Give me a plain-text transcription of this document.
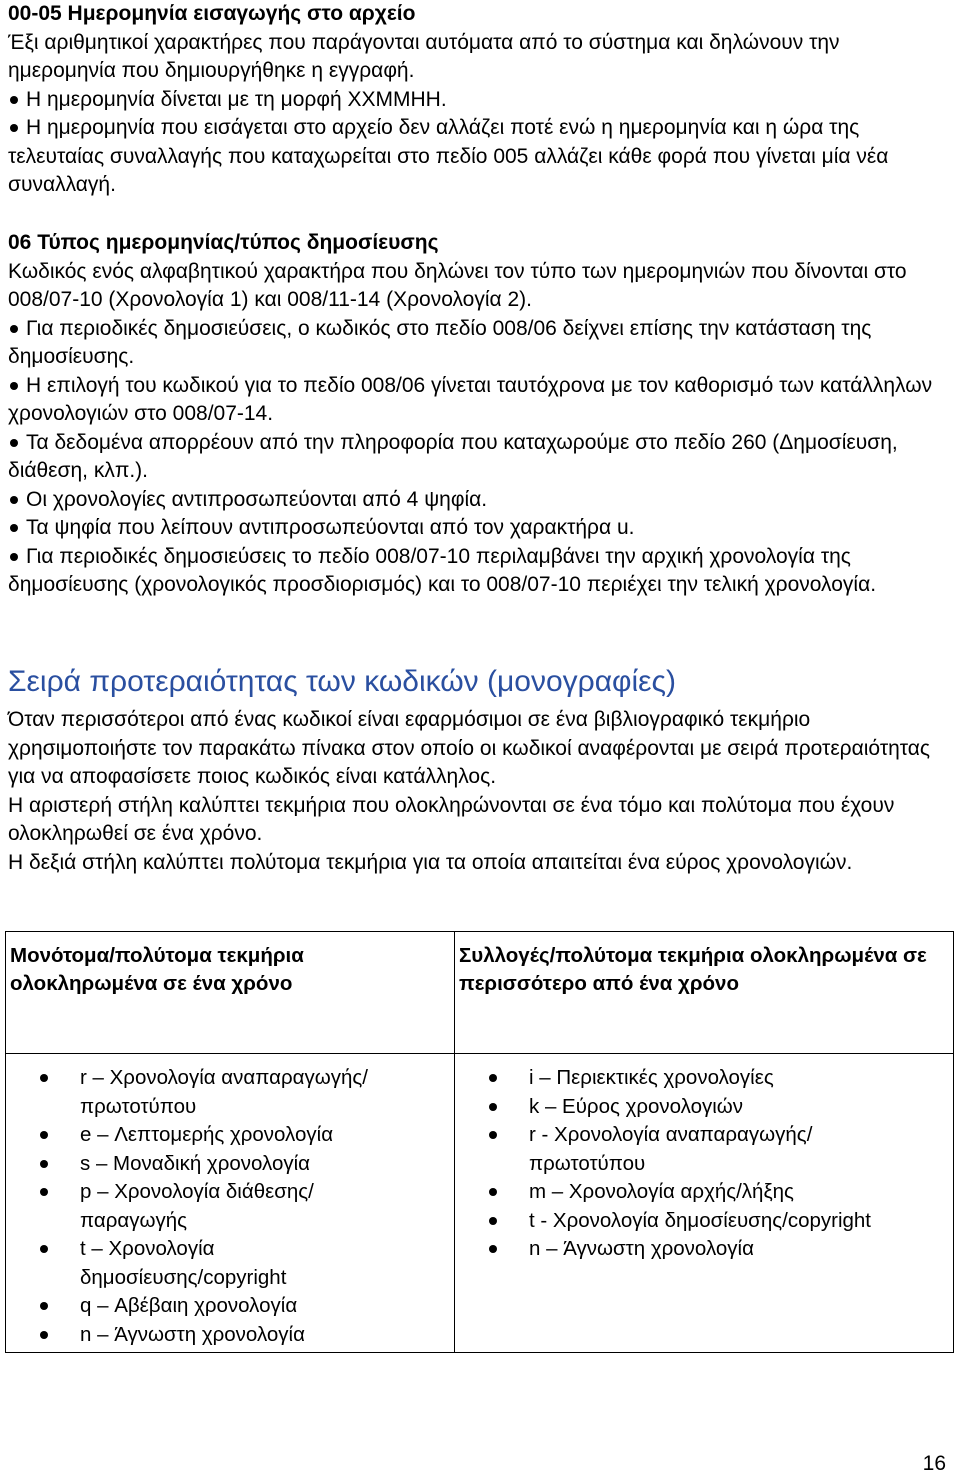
00-05 Ημερομηνία εισαγωγής στο αρχείο

Έξι αριθμητικοί χαρακτήρες που παράγονται αυτόματα από το σύστημα και δηλώνουν την ημερομηνία που δημιουργήθηκε η εγγραφή.

Η ημερομηνία δίνεται με τη μορφή ΧΧΜΜΗΗ.

Η ημερομηνία που εισάγεται στο αρχείο δεν αλλάζει ποτέ ενώ η ημερομηνία και η ώρα της τελευταίας συναλλαγής που καταχωρείται στο πεδίο 005 αλλάζει κάθε φορά που γίνεται μία νέα συναλλαγή.

06 Τύπος ημερομηνίας/τύπος δημοσίευσης

Κωδικός ενός αλφαβητικού χαρακτήρα που δηλώνει τον τύπο των ημερομηνιών που δίνονται στο 008/07-10 (Χρονολογία 1) και 008/11-14 (Χρονολογία 2).

Για περιοδικές δημοσιεύσεις, ο κωδικός στο πεδίο 008/06 δείχνει επίσης την κατάσταση της δημοσίευσης.

Η επιλογή του κωδικού για το πεδίο 008/06 γίνεται ταυτόχρονα με τον καθορισμό των κατάλληλων χρονολογιών στο 008/07-14.

Τα δεδομένα απορρέουν από την πληροφορία που καταχωρούμε στο πεδίο 260 (Δημοσίευση, διάθεση, κλπ.).

Οι χρονολογίες αντιπροσωπεύονται από 4 ψηφία.

Τα ψηφία που λείπουν αντιπροσωπεύονται από τον χαρακτήρα u.

Για περιοδικές δημοσιεύσεις το πεδίο 008/07-10 περιλαμβάνει την αρχική χρονολογία της δημοσίευσης (χρονολογικός προσδιορισμός) και το 008/07-10 περιέχει την τελική χρονολογία.

Σειρά προτεραιότητας των κωδικών (μονογραφίες)

Όταν περισσότεροι από ένας κωδικοί είναι εφαρμόσιμοι σε ένα βιβλιογραφικό τεκμήριο χρησιμοποιήστε τον παρακάτω πίνακα στον οποίο οι κωδικοί αναφέρονται με σειρά προτεραιότητας για να αποφασίσετε ποιος κωδικός είναι κατάλληλος.

Η αριστερή στήλη καλύπτει τεκμήρια που ολοκληρώνονται σε ένα τόμο και πολύτομα που έχουν ολοκληρωθεί σε ένα χρόνο.

Η δεξιά στήλη καλύπτει πολύτομα τεκμήρια για τα οποία απαιτείται ένα εύρος χρονολογιών.

Μονότομα/πολύτομα τεκμήρια ολοκληρωμένα σε ένα χρόνο
Συλλογές/πολύτομα τεκμήρια ολοκληρωμένα σε περισσότερο από ένα χρόνο
r – Χρονολογία αναπαραγωγής/πρωτοτύπου
e – Λεπτομερής χρονολογία
s – Μοναδική χρονολογία
p – Χρονολογία διάθεσης/παραγωγής
t – Χρονολογία δημοσίευσης/copyright
q – Αβέβαιη χρονολογία
n – Άγνωστη χρονολογία
i – Περιεκτικές χρονολογίες
k – Εύρος χρονολογιών
r - Χρονολογία αναπαραγωγής/πρωτοτύπου
m – Χρονολογία αρχής/λήξης
t - Χρονολογία δημοσίευσης/copyright
n – Άγνωστη χρονολογία
16
